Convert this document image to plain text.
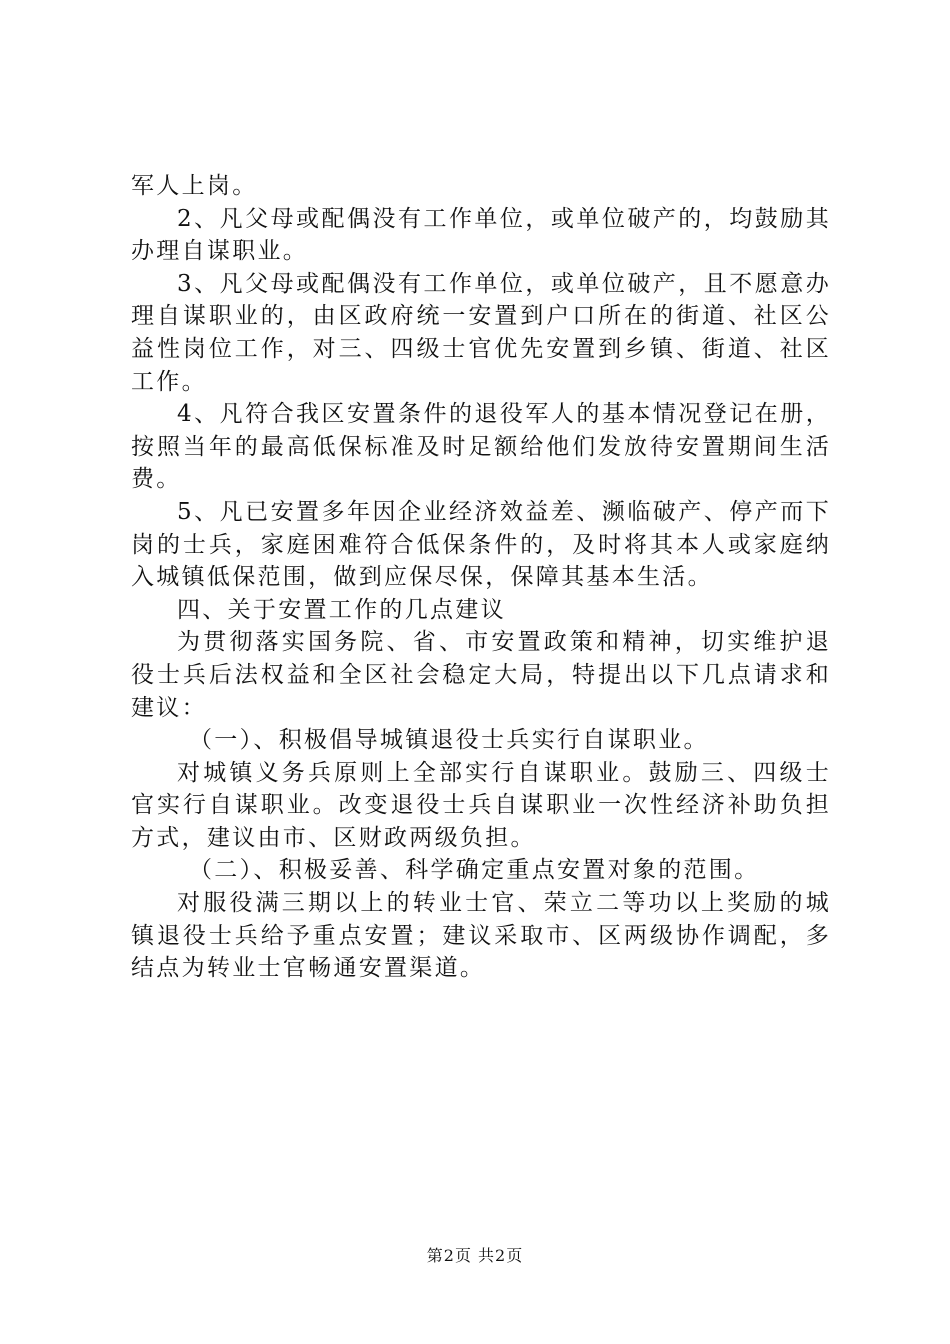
军人上岗。

2、凡父母或配偶没有工作单位，或单位破产的，均鼓励其办理自谋职业。

3、凡父母或配偶没有工作单位，或单位破产，且不愿意办理自谋职业的，由区政府统一安置到户口所在的街道、社区公益性岗位工作，对三、四级士官优先安置到乡镇、街道、社区工作。

4、凡符合我区安置条件的退役军人的基本情况登记在册，按照当年的最高低保标准及时足额给他们发放待安置期间生活费。

5、凡已安置多年因企业经济效益差、濒临破产、停产而下岗的士兵，家庭困难符合低保条件的，及时将其本人或家庭纳入城镇低保范围，做到应保尽保，保障其基本生活。

四、关于安置工作的几点建议

为贯彻落实国务院、省、市安置政策和精神，切实维护退役士兵后法权益和全区社会稳定大局，特提出以下几点请求和建议：

（一）、积极倡导城镇退役士兵实行自谋职业。

对城镇义务兵原则上全部实行自谋职业。鼓励三、四级士官实行自谋职业。改变退役士兵自谋职业一次性经济补助负担方式，建议由市、区财政两级负担。

（二）、积极妥善、科学确定重点安置对象的范围。

对服役满三期以上的转业士官、荣立二等功以上奖励的城镇退役士兵给予重点安置；建议采取市、区两级协作调配，多结点为转业士官畅通安置渠道。

第2页 共2页
